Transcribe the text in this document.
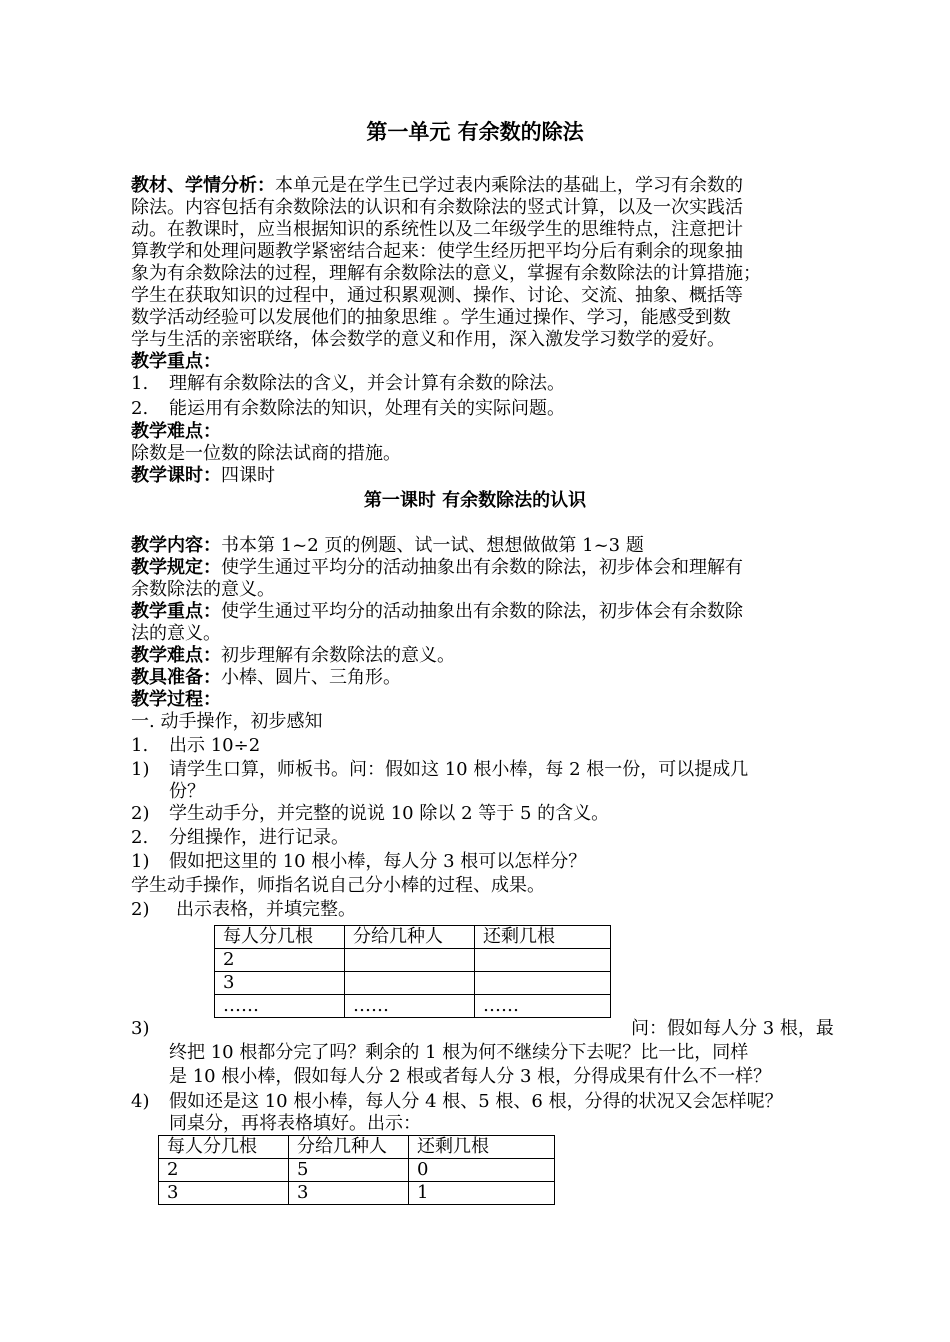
第一单元 有余数的除法
教材、学情分析：本单元是在学生已学过表内乘除法的基础上，学习有余数的
除法。内容包括有余数除法的认识和有余数除法的竖式计算，以及一次实践活
动。在教课时，应当根据知识的系统性以及二年级学生的思维特点，注意把计
算教学和处理问题教学紧密结合起来：使学生经历把平均分后有剩余的现象抽
象为有余数除法的过程，理解有余数除法的意义，掌握有余数除法的计算措施；
学生在获取知识的过程中，通过积累观测、操作、讨论、交流、抽象、概括等
数学活动经验可以发展他们的抽象思维 。学生通过操作、学习，能感受到数
学与生活的亲密联络，体会数学的意义和作用，深入激发学习数学的爱好。
教学重点：
1. 理解有余数除法的含义，并会计算有余数的除法。
2. 能运用有余数除法的知识，处理有关的实际问题。
教学难点：
除数是一位数的除法试商的措施。
教学课时：四课时
第一课时 有余数除法的认识
教学内容：书本第 1~2 页的例题、试一试、想想做做第 1~3 题
教学规定：使学生通过平均分的活动抽象出有余数的除法，初步体会和理解有
余数除法的意义。
教学重点：使学生通过平均分的活动抽象出有余数的除法，初步体会有余数除
法的意义。
教学难点：初步理解有余数除法的意义。
教具准备：小棒、圆片、三角形。
教学过程：
一. 动手操作，初步感知
1. 出示 10÷2
1) 请学生口算，师板书。问：假如这 10 根小棒，每 2 根一份，可以提成几
份？
2) 学生动手分，并完整的说说 10 除以 2 等于 5 的含义。
2. 分组操作，进行记录。
1) 假如把这里的 10 根小棒，每人分 3 根可以怎样分？
学生动手操作，师指名说自己分小棒的过程、成果。
2) 出示表格，并填完整。
每人分几根	分给几种人	还剩几根
2		
3		
……	……	……
3)	问：假如每人分 3 根，最
终把 10 根都分完了吗？剩余的 1 根为何不继续分下去呢？比一比，同样
是 10 根小棒，假如每人分 2 根或者每人分 3 根，分得成果有什么不一样？
4) 假如还是这 10 根小棒，每人分 4 根、5 根、6 根，分得的状况又会怎样呢？
同桌分，再将表格填好。出示：
每人分几根	分给几种人	还剩几根
2	5	0
3	3	1
